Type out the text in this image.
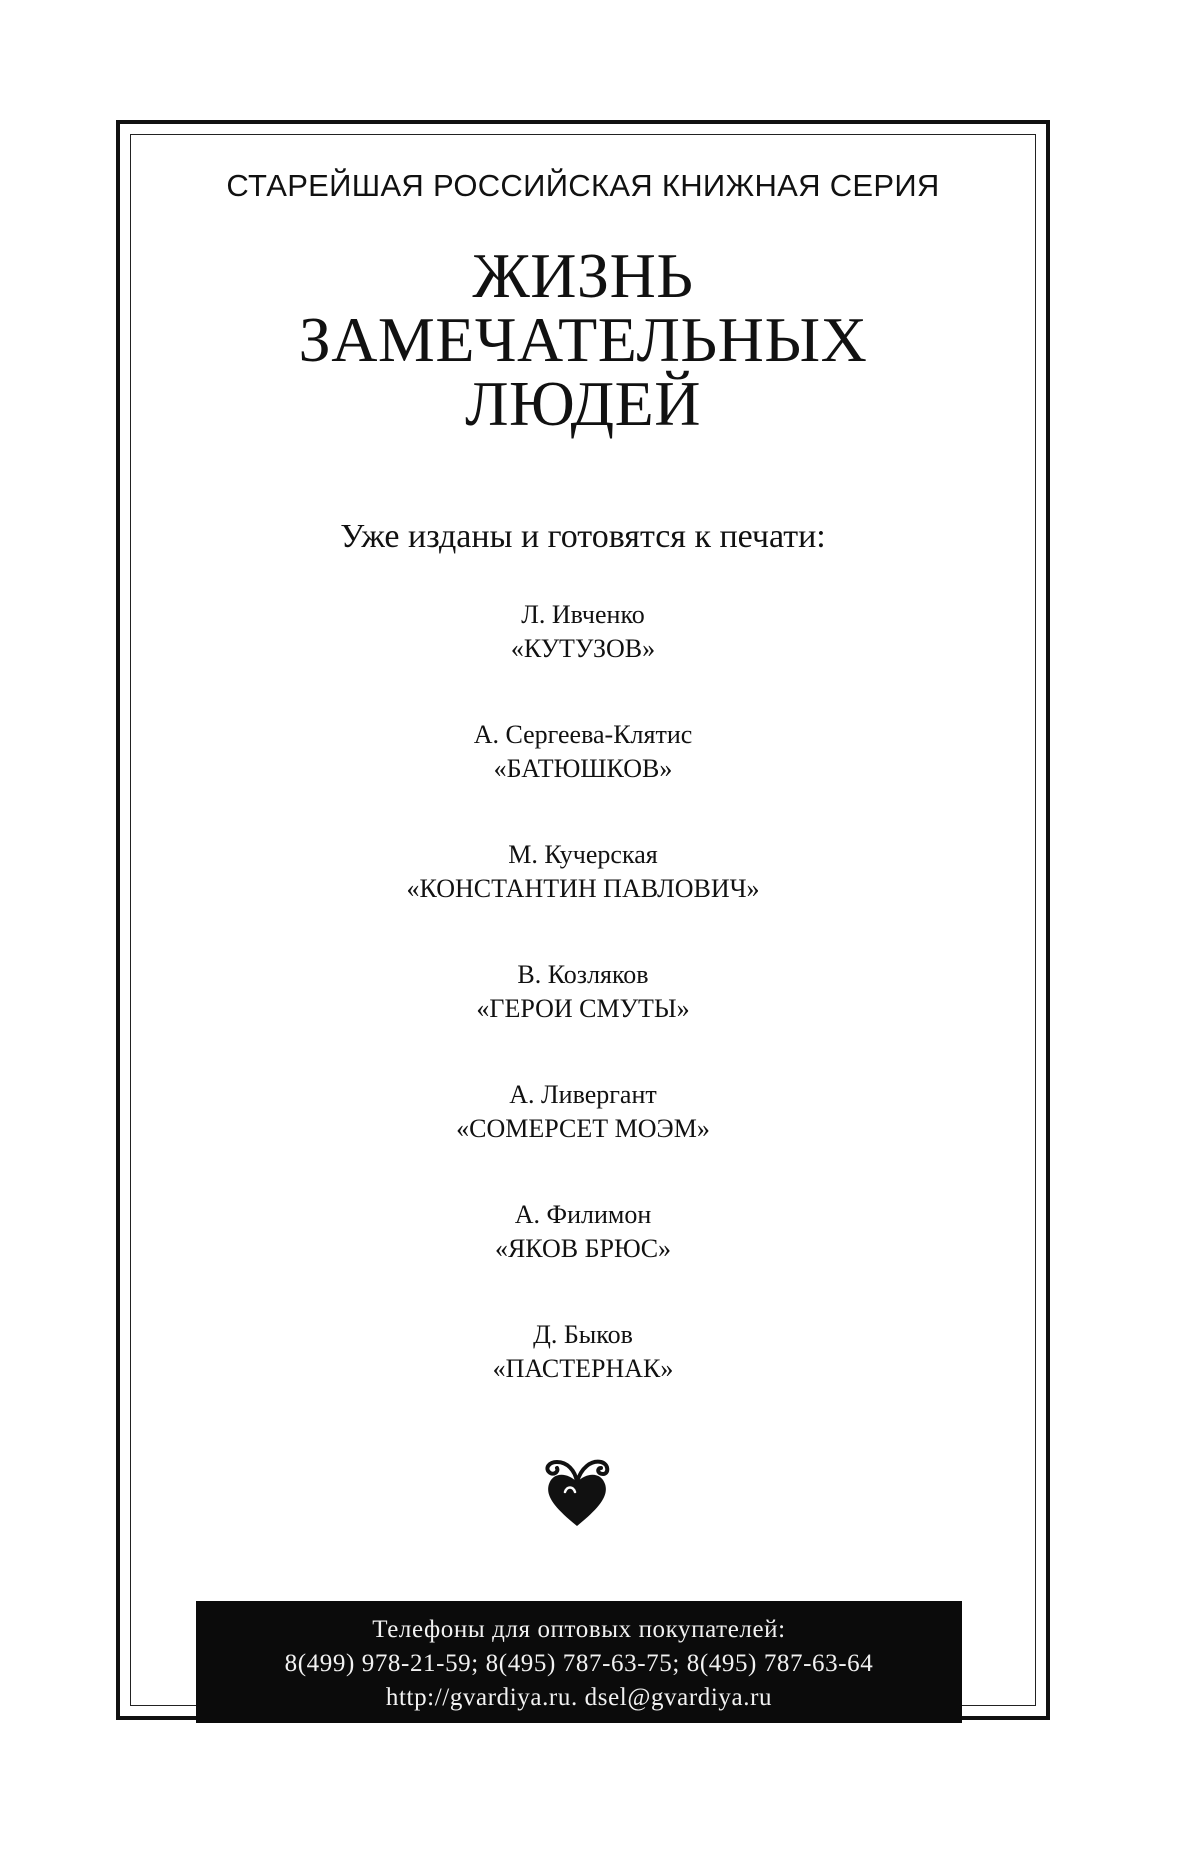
СТАРЕЙШАЯ РОССИЙСКАЯ КНИЖНАЯ СЕРИЯ
ЖИЗНЬ
ЗАМЕЧАТЕЛЬНЫХ
ЛЮДЕЙ
Уже изданы и готовятся к печати:
Л. Ивченко
«КУТУЗОВ»
А. Сергеева-Клятис
«БАТЮШКОВ»
М. Кучерская
«КОНСТАНТИН ПАВЛОВИЧ»
В. Козляков
«ГЕРОИ СМУТЫ»
А. Ливергант
«СОМЕРСЕТ МОЭМ»
А. Филимон
«ЯКОВ БРЮС»
Д. Быков
«ПАСТЕРНАК»
Телефоны для оптовых покупателей:
8(499) 978-21-59; 8(495) 787-63-75; 8(495) 787-63-64
http://gvardiya.ru. dsel@gvardiya.ru
